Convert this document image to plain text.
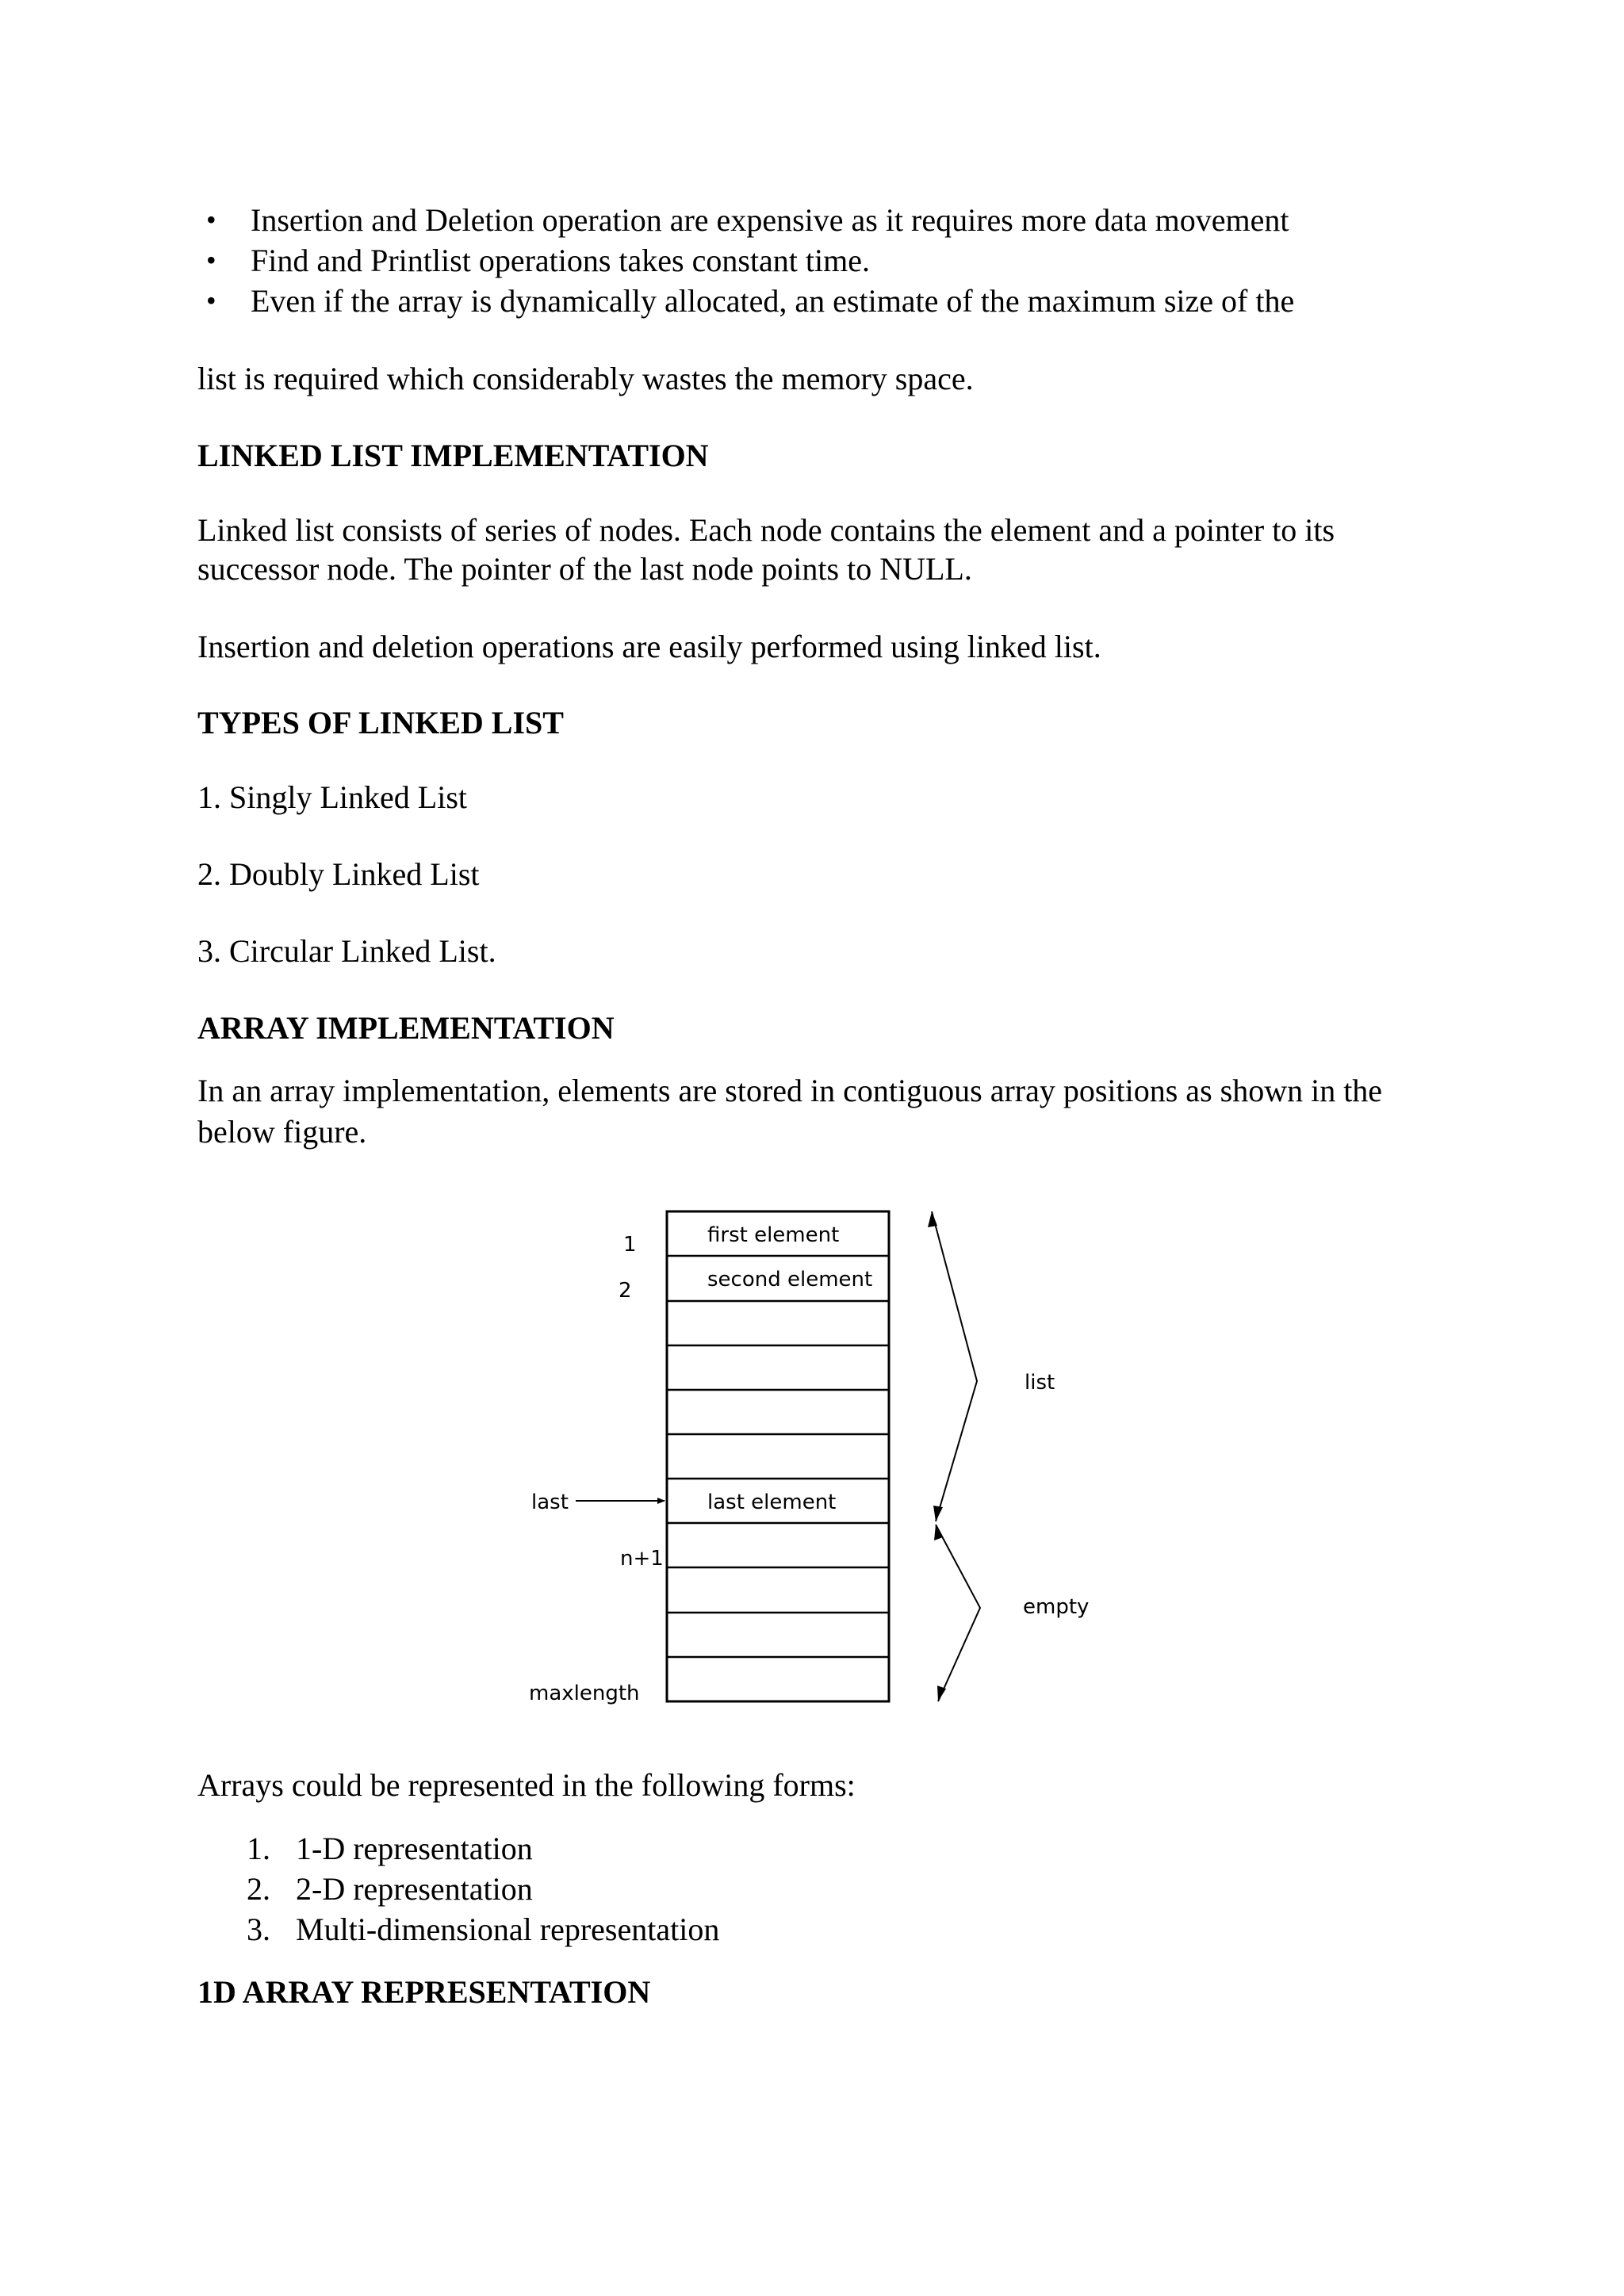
• Insertion and Deletion operation are expensive as it requires more data movement
• Find and Printlist operations takes constant time.
• Even if the array is dynamically allocated, an estimate of the maximum size of the

list is required which considerably wastes the memory space.

LINKED LIST IMPLEMENTATION

Linked list consists of series of nodes. Each node contains the element and a pointer to its

successor node. The pointer of the last node points to NULL.

Insertion and deletion operations are easily performed using linked list.

TYPES OF LINKED LIST

1. Singly Linked List

2. Doubly Linked List

3. Circular Linked List.

ARRAY IMPLEMENTATION

In an array implementation, elements are stored in contiguous array positions as shown in the

below figure.

first element
second element
last element
1
2
last
n+1
maxlength
list
empty

Arrays could be represented in the following forms:

1. 1-D representation
2. 2-D representation
3. Multi-dimensional representation
1D ARRAY REPRESENTATION
